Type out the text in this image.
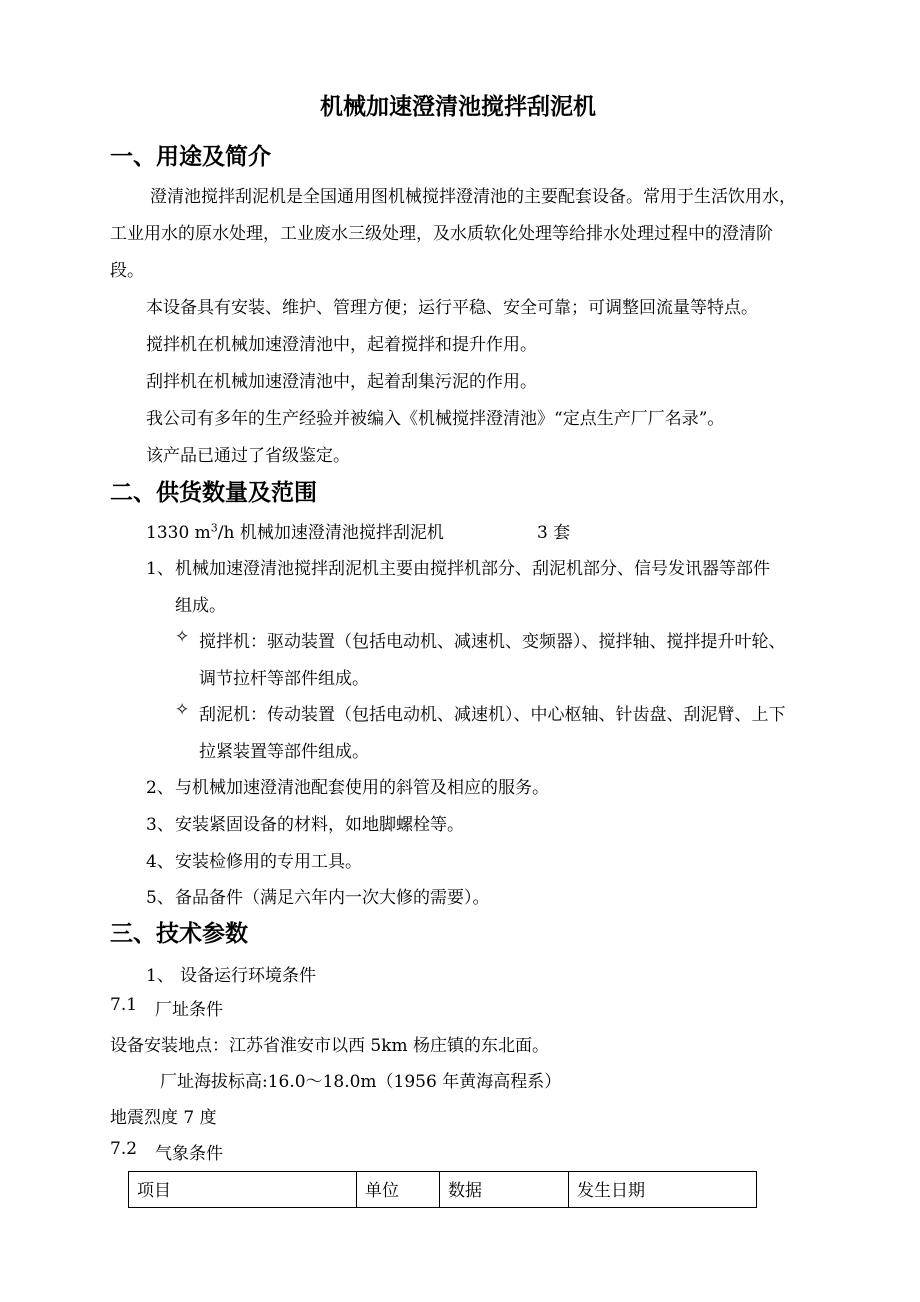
机械加速澄清池搅拌刮泥机
一、用途及简介
澄清池搅拌刮泥机是全国通用图机械搅拌澄清池的主要配套设备。常用于生活饮用水，
工业用水的原水处理，工业废水三级处理，及水质软化处理等给排水处理过程中的澄清阶
段。
本设备具有安装、维护、管理方便；运行平稳、安全可靠；可调整回流量等特点。
搅拌机在机械加速澄清池中，起着搅拌和提升作用。
刮拌机在机械加速澄清池中，起着刮集污泥的作用。
我公司有多年的生产经验并被编入《机械搅拌澄清池》“定点生产厂厂名录”。
该产品已通过了省级鉴定。
二、供货数量及范围
1330 $m^3/h$ 机械加速澄清池搅拌刮泥机	3 套
1、 机械加速澄清池搅拌刮泥机主要由搅拌机部分、刮泥机部分、信号发讯器等部件
组成。
✧ 搅拌机：驱动装置（包括电动机、减速机、变频器）、搅拌轴、搅拌提升叶轮、
调节拉杆等部件组成。
✧ 刮泥机：传动装置（包括电动机、减速机）、中心枢轴、针齿盘、刮泥臂、上下
拉紧装置等部件组成。
2、 与机械加速澄清池配套使用的斜管及相应的服务。
3、 安装紧固设备的材料，如地脚螺栓等。
4、 安装检修用的专用工具。
5、 备品备件（满足六年内一次大修的需要）。
三、技术参数
1、 设备运行环境条件
7.1 厂址条件
设备安装地点：江苏省淮安市以西 5km 杨庄镇的东北面。
厂址海拔标高:16.0～18.0m（1956 年黄海高程系）
地震烈度 7 度
7.2 气象条件
项目	单位	数据	发生日期
